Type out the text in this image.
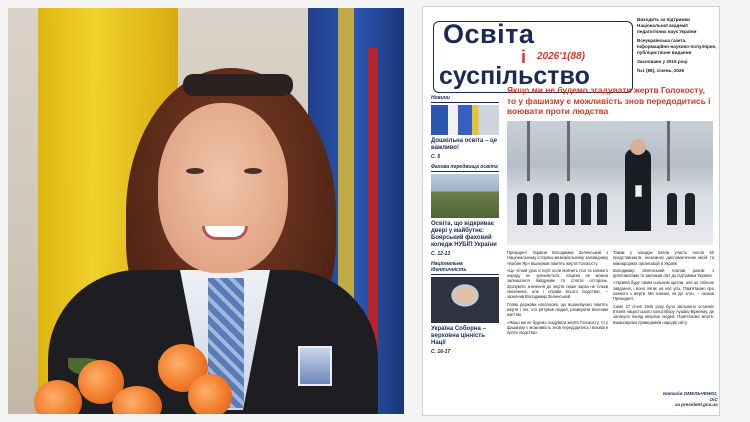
Освіта
і 2026'1(88)
суспільство

Виходить за підтримки Національної академії педагогічних наук України

Всеукраїнська газета. Інформаційно-науково-популярне, публіцистичне видання

Заснована у 2016 році

№1 (88), січень, 2026

Новини
Дошкільна освіта – це важливо!
С. 5
Фахова передвища освіта
Освіта, що відкриває двері у майбутнє: Боярський фаховий коледж НУБІП України
С. 12-13
Національна ідентичність
Україна Соборна – верховна цінність Нації
С. 16-17
Якщо ми не будемо згадувати жертв Голокосту, то у фашизму є можливість знов передодитись і воювати проти людства

Президент України Володимир Зеленський з Національному історико-меморіальному заповіднику «Бабин Яр» вшанував пам'ять жертв Голокосту.

«Це чіткий урок історії: коли мовчить пол та кожного народу не зупиняється, нацизм не можна залишатися байдужим та стояти осторонь. Зрозуміти значення до жертв лише зараз не тільки смілежних, але і справи всього людства», – зазначив Володимир Зеленський.

Глава держави наголосив, що вшановуємо пам'ять жертв і тих, хто рятував людей, ризикуючи власним життям.

«Якщо ми не будемо згадувати жертв Голокосту, то у фашизму є можливість знов передодитись і воювати проти людства».

Таким у заходах взяли участь посли 50 представництв, іноземних дипломатичних місій та міжнародних організацій в Україні.

Володимир Зеленський поклав разом з дипломатами та закликав свiт до підтримки України.

«Україна буде таким сильним щитом, але це спільне завдання, і воно лягає на нас усіх. Пам'ятаємо про кожного з жертв. Ми знаємо, як діє зло», – сказав Президент.

Саме 27 січня 1945 року було звільнено останніх в'язнів нацистського концтабору Аушвіц-Біркенау, де загинуло понад мільйон людей. Пам'ятаємо жертв. Вшановуємо праведників народів світу.

Наталія ОМЕЛЬЧЕНКО,
ОіС
за president.gov.ua
